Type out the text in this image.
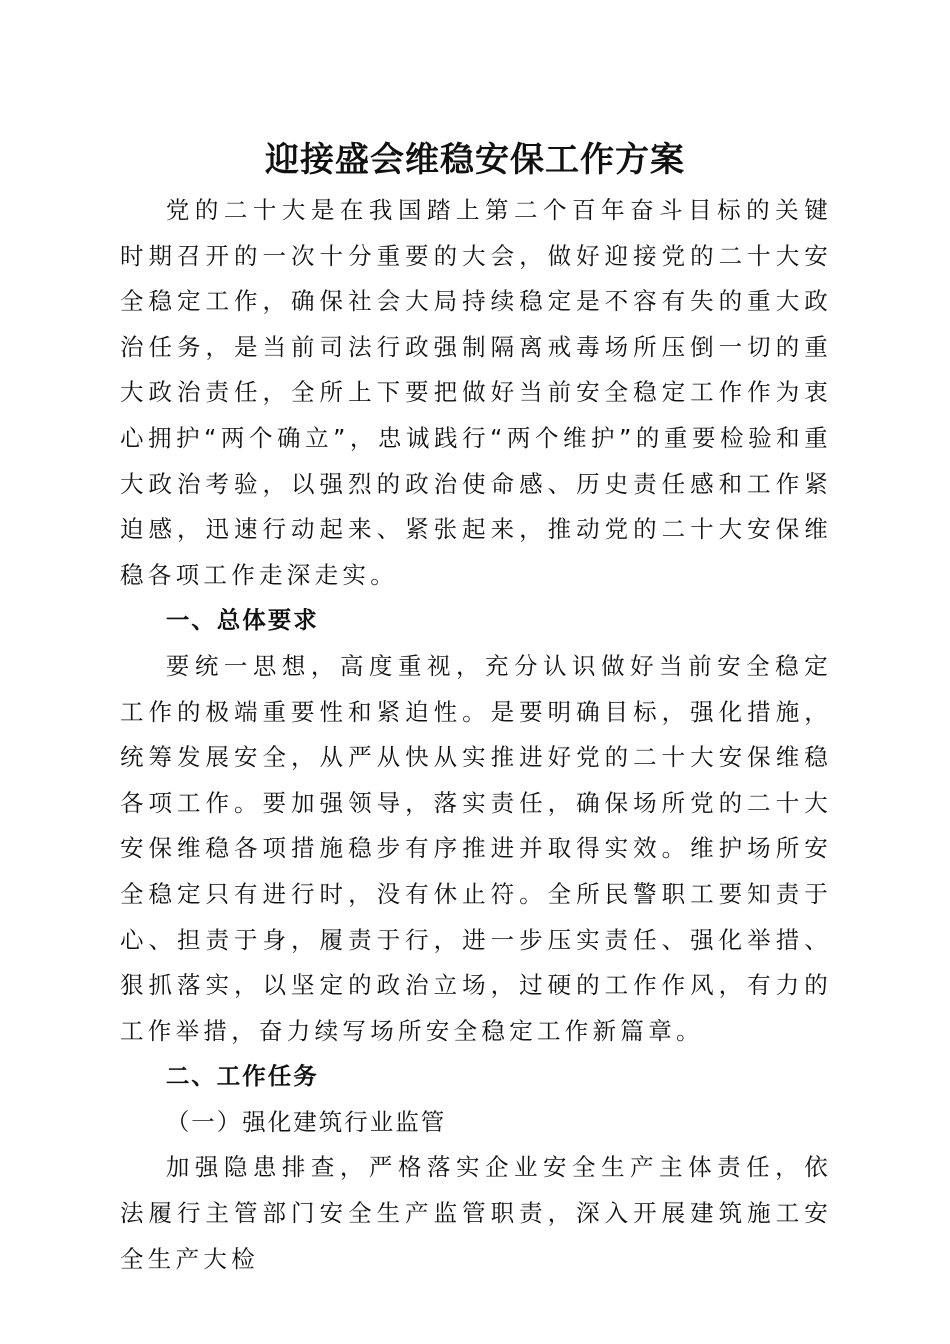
迎接盛会维稳安保工作方案

党的二十大是在我国踏上第二个百年奋斗目标的关键时期召开的一次十分重要的大会，做好迎接党的二十大安全稳定工作，确保社会大局持续稳定是不容有失的重大政治任务，是当前司法行政强制隔离戒毒场所压倒一切的重大政治责任，全所上下要把做好当前安全稳定工作作为衷心拥护“两个确立”，忠诚践行“两个维护”的重要检验和重大政治考验，以强烈的政治使命感、历史责任感和工作紧迫感，迅速行动起来、紧张起来，推动党的二十大安保维稳各项工作走深走实。

一、总体要求

要统一思想，高度重视，充分认识做好当前安全稳定工作的极端重要性和紧迫性。是要明确目标，强化措施，统筹发展安全，从严从快从实推进好党的二十大安保维稳各项工作。要加强领导，落实责任，确保场所党的二十大安保维稳各项措施稳步有序推进并取得实效。维护场所安全稳定只有进行时，没有休止符。全所民警职工要知责于心、担责于身，履责于行，进一步压实责任、强化举措、狠抓落实，以坚定的政治立场，过硬的工作作风，有力的工作举措，奋力续写场所安全稳定工作新篇章。

二、工作任务

（一）强化建筑行业监管

加强隐患排查，严格落实企业安全生产主体责任，依法履行主管部门安全生产监管职责，深入开展建筑施工安全生产大检
